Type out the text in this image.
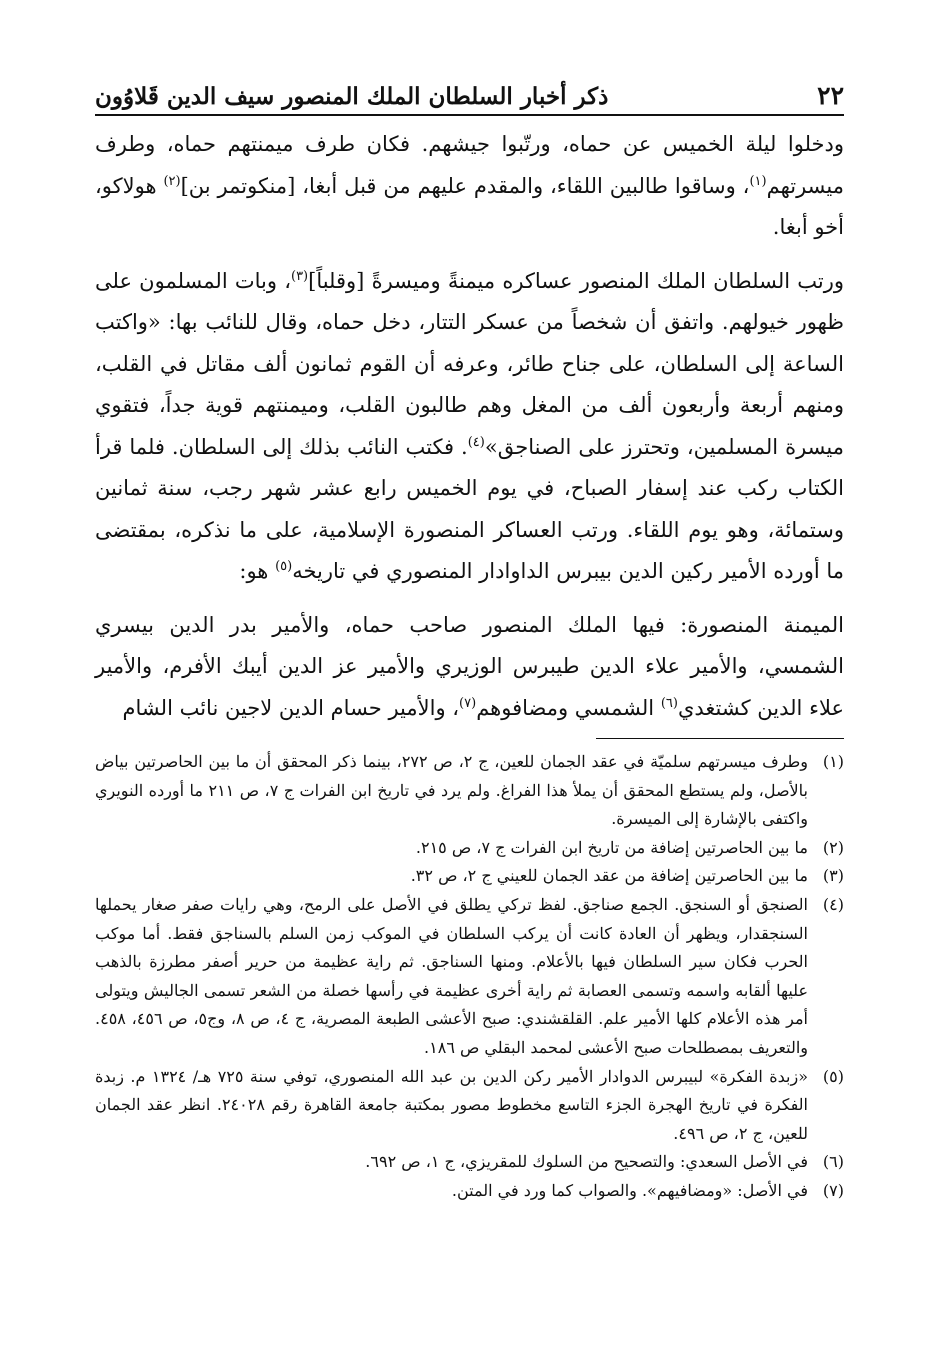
٢٢
ذكر أخبار السلطان الملك المنصور سيف الدين قَلاوُون

ودخلوا ليلة الخميس عن حماه، ورتّبوا جيشهم. فكان طرف ميمنتهم حماه، وطرف ميسرتهم$^{(١)}$، وساقوا طالبين اللقاء، والمقدم عليهم من قبل أبغا، [منكوتمر بن]$^{(٢)}$ هولاكو، أخو أبغا.

ورتب السلطان الملك المنصور عساكره ميمنةً وميسرةً [وقلباً]$^{(٣)}$، وبات المسلمون على ظهور خيولهم. واتفق أن شخصاً من عسكر التتار، دخل حماه، وقال للنائب بها: «واكتب الساعة إلى السلطان، على جناح طائر، وعرفه أن القوم ثمانون ألف مقاتل في القلب، ومنهم أربعة وأربعون ألف من المغل وهم طالبون القلب، وميمنتهم قوية جداً، فتقوي ميسرة المسلمين، وتحترز على الصناجق»$^{(٤)}$. فكتب النائب بذلك إلى السلطان. فلما قرأ الكتاب ركب عند إسفار الصباح، في يوم الخميس رابع عشر شهر رجب، سنة ثمانين وستمائة، وهو يوم اللقاء. ورتب العساكر المنصورة الإسلامية، على ما نذكره، بمقتضى ما أورده الأمير ركين الدين بيبرس الداوادار المنصوري في تاريخه$^{(٥)}$ هو:

الميمنة المنصورة: فيها الملك المنصور صاحب حماه، والأمير بدر الدين بيسري الشمسي، والأمير علاء الدين طيبرس الوزيري والأمير عز الدين أيبك الأفرم، والأمير علاء الدين كشتغدي$^{(٦)}$ الشمسي ومضافوهم$^{(٧)}$، والأمير حسام الدين لاجين نائب الشام

(١)
وطرف ميسرتهم سلميّة في عقد الجمان للعين، ج ٢، ص ٢٧٢، بينما ذكر المحقق أن ما بين الحاصرتين بياض بالأصل، ولم يستطع المحقق أن يملأ هذا الفراغ. ولم يرد في تاريخ ابن الفرات ج ٧، ص ٢١١ ما أورده النويري واكتفى بالإشارة إلى الميسرة.
(٢)
ما بين الحاصرتين إضافة من تاريخ ابن الفرات ج ٧، ص ٢١٥.
(٣)
ما بين الحاصرتين إضافة من عقد الجمان للعيني ج ٢، ص ٣٢.
(٤)
الصنجق أو السنجق. الجمع صناجق. لفظ تركي يطلق في الأصل على الرمح، وهي رايات صفر صغار يحملها السنجقدار، ويظهر أن العادة كانت أن يركب السلطان في الموكب زمن السلم بالسناجق فقط. أما موكب الحرب فكان سير السلطان فيها بالأعلام. ومنها السناجق. ثم راية عظيمة من حرير أصفر مطرزة بالذهب عليها ألقابه واسمه وتسمى العصابة ثم راية أخرى عظيمة في رأسها خصلة من الشعر تسمى الجاليش ويتولى أمر هذه الأعلام كلها الأمير علم. القلقشندي: صبح الأعشى الطبعة المصرية، ج ٤، ص ٨، وج٥، ص ٤٥٦، ٤٥٨. والتعريف بمصطلحات صبح الأعشى لمحمد البقلي ص ١٨٦.
(٥)
«زبدة الفكرة» لبيبرس الدوادار الأمير ركن الدين بن عبد الله المنصوري، توفي سنة ٧٢٥ هـ/ ١٣٢٤ م. زبدة الفكرة في تاريخ الهجرة الجزء التاسع مخطوط مصور بمكتبة جامعة القاهرة رقم ٢٤٠٢٨. انظر عقد الجمان للعين، ج ٢، ص ٤٩٦.
(٦)
في الأصل السعدي: والتصحيح من السلوك للمقريزي، ج ١، ص ٦٩٢.
(٧)
في الأصل: «ومضافيهم». والصواب كما ورد في المتن.
